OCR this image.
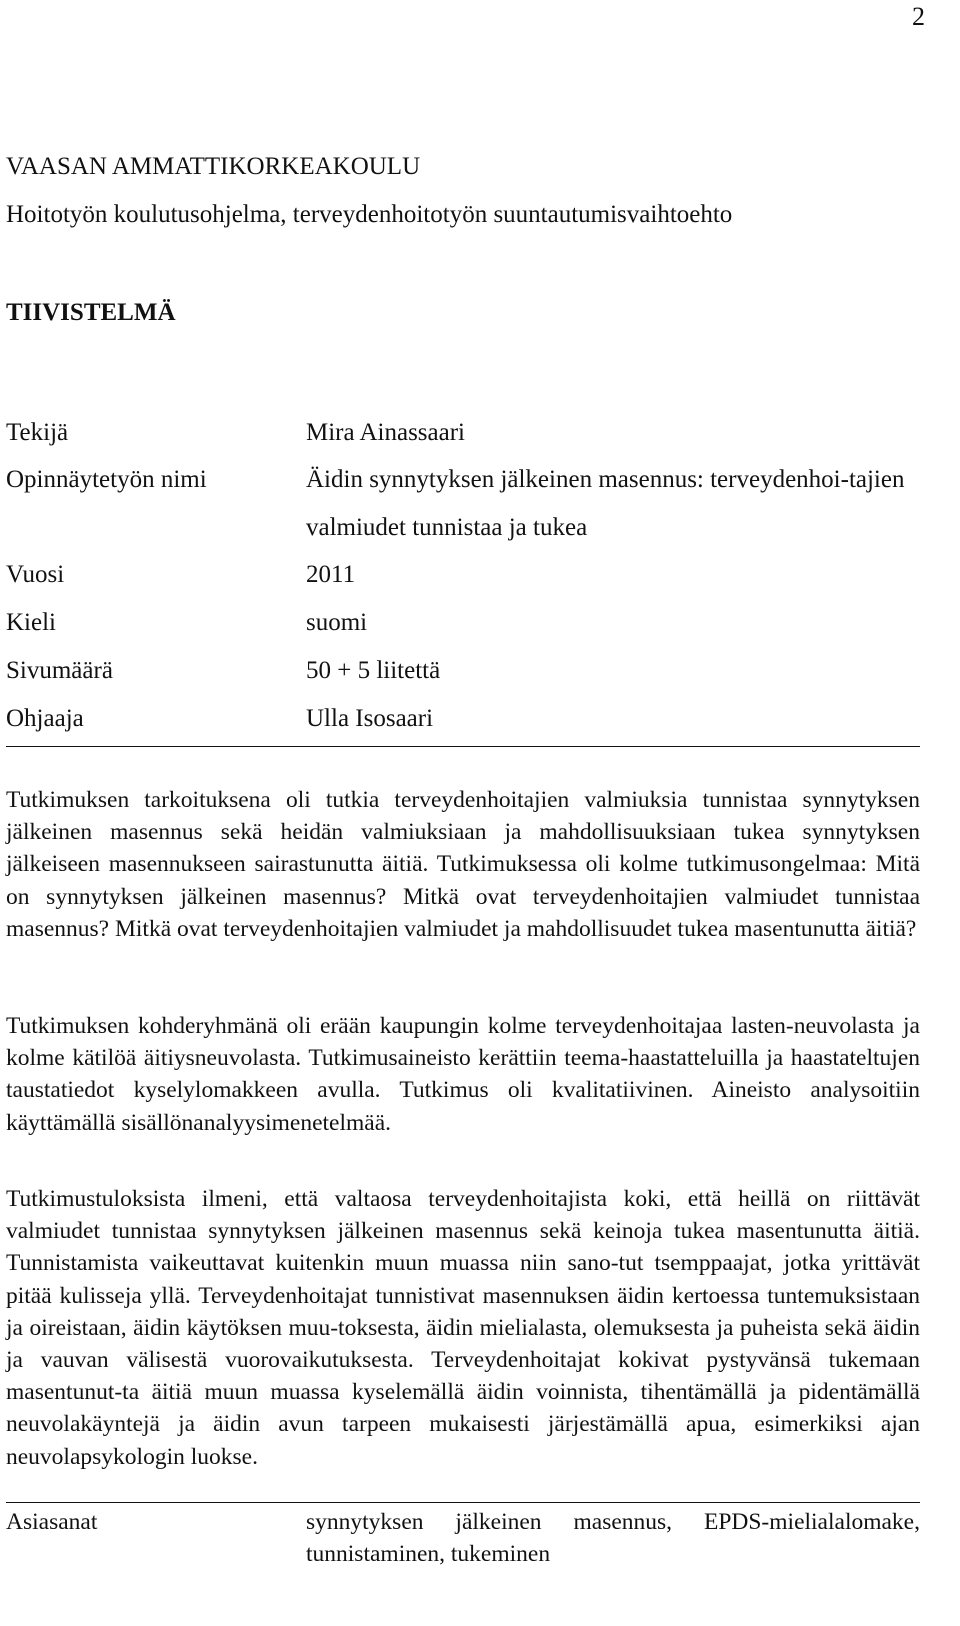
2
VAASAN AMMATTIKORKEAKOULU
Hoitotyön koulutusohjelma, terveydenhoitotyön suuntautumisvaihtoehto
TIIVISTELMÄ
Tekijä	Mira Ainassaari
Opinnäytetyön nimi	Äidin synnytyksen jälkeinen masennus: terveydenhoi-tajien valmiudet tunnistaa ja tukea
Vuosi	2011
Kieli	suomi
Sivumäärä	50 + 5 liitettä
Ohjaaja	Ulla Isosaari

Tutkimuksen tarkoituksena oli tutkia terveydenhoitajien valmiuksia tunnistaa synnytyksen jälkeinen masennus sekä heidän valmiuksiaan ja mahdollisuuksiaan tukea synnytyksen jälkeiseen masennukseen sairastunutta äitiä. Tutkimuksessa oli kolme tutkimusongelmaa: Mitä on synnytyksen jälkeinen masennus? Mitkä ovat terveydenhoitajien valmiudet tunnistaa masennus? Mitkä ovat terveydenhoitajien valmiudet ja mahdollisuudet tukea masentunutta äitiä?

Tutkimuksen kohderyhmänä oli erään kaupungin kolme terveydenhoitajaa lasten-neuvolasta ja kolme kätilöä äitiysneuvolasta. Tutkimusaineisto kerättiin teema-haastatteluilla ja haastateltujen taustatiedot kyselylomakkeen avulla. Tutkimus oli kvalitatiivinen. Aineisto analysoitiin käyttämällä sisällönanalyysimenetelmää.

Tutkimustuloksista ilmeni, että valtaosa terveydenhoitajista koki, että heillä on riittävät valmiudet tunnistaa synnytyksen jälkeinen masennus sekä keinoja tukea masentunutta äitiä. Tunnistamista vaikeuttavat kuitenkin muun muassa niin sano-tut tsemppaajat, jotka yrittävät pitää kulisseja yllä. Terveydenhoitajat tunnistivat masennuksen äidin kertoessa tuntemuksistaan ja oireistaan, äidin käytöksen muu-toksesta, äidin mielialasta, olemuksesta ja puheista sekä äidin ja vauvan välisestä vuorovaikutuksesta. Terveydenhoitajat kokivat pystyvänsä tukemaan masentunut-ta äitiä muun muassa kyselemällä äidin voinnista, tihentämällä ja pidentämällä neuvolakäyntejä ja äidin avun tarpeen mukaisesti järjestämällä apua, esimerkiksi ajan neuvolapsykologin luokse.

Asiasanat	synnytyksen jälkeinen masennus, EPDS-mielialalomake, tunnistaminen, tukeminen
